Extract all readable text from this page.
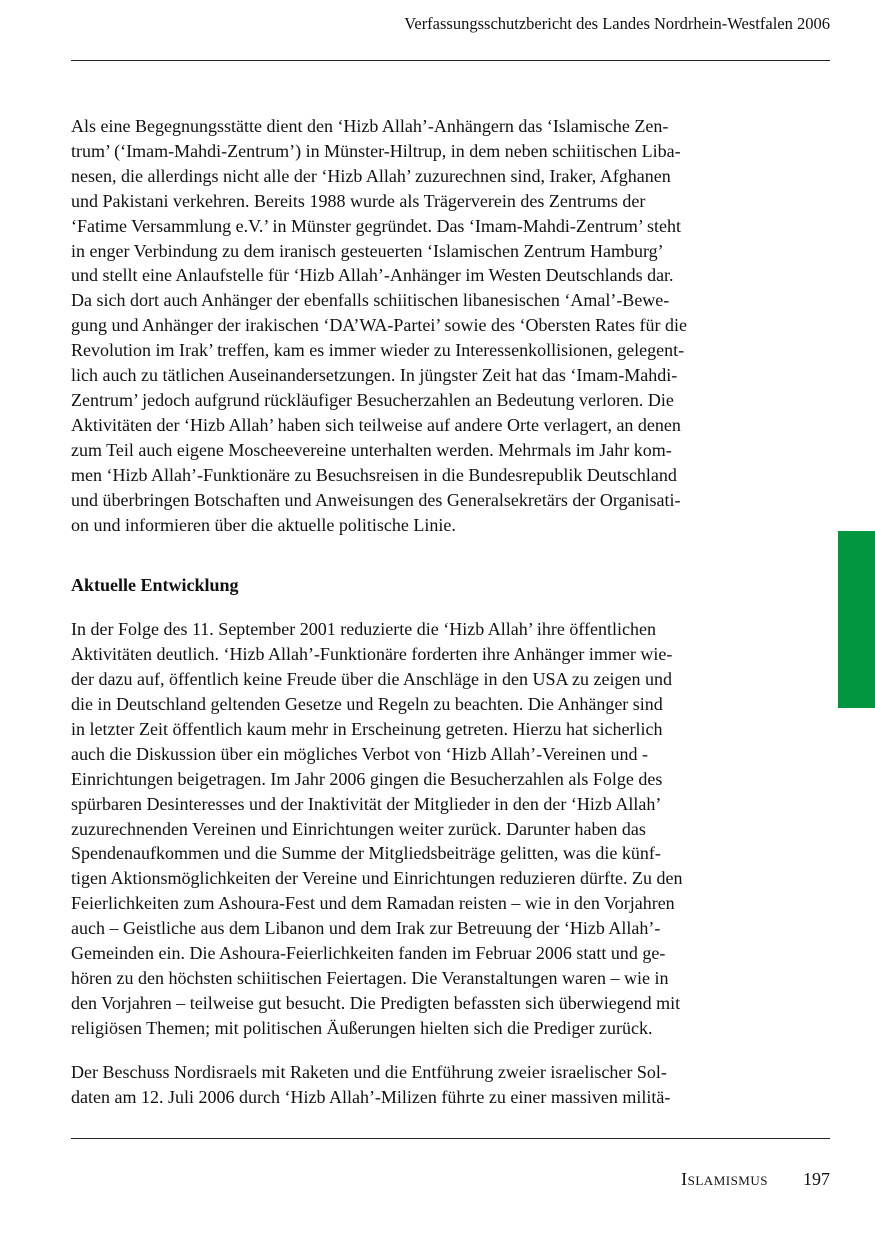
Verfassungsschutzbericht des Landes Nordrhein-Westfalen 2006

Als eine Begegnungsstätte dient den ‘Hizb Allah’-Anhängern das ‘Islamische Zen-
trum’ (‘Imam-Mahdi-Zentrum’) in Münster-Hiltrup, in dem neben schiitischen Liba-
nesen, die allerdings nicht alle der ‘Hizb Allah’ zuzurechnen sind, Iraker, Afghanen
und Pakistani verkehren. Bereits 1988 wurde als Trägerverein des Zentrums der
‘Fatime Versammlung e.V.’ in Münster gegründet. Das ‘Imam-Mahdi-Zentrum’ steht
in enger Verbindung zu dem iranisch gesteuerten ‘Islamischen Zentrum Hamburg’
und stellt eine Anlaufstelle für ‘Hizb Allah’-Anhänger im Westen Deutschlands dar.
Da sich dort auch Anhänger der ebenfalls schiitischen libanesischen ‘Amal’-Bewe-
gung und Anhänger der irakischen ‘DA’WA-Partei’ sowie des ‘Obersten Rates für die
Revolution im Irak’ treffen, kam es immer wieder zu Interessenkollisionen, gelegent-
lich auch zu tätlichen Auseinandersetzungen. In jüngster Zeit hat das ‘Imam-Mahdi-
Zentrum’ jedoch aufgrund rückläufiger Besucherzahlen an Bedeutung verloren. Die
Aktivitäten der ‘Hizb Allah’ haben sich teilweise auf andere Orte verlagert, an denen
zum Teil auch eigene Moscheevereine unterhalten werden. Mehrmals im Jahr kom-
men ‘Hizb Allah’-Funktionäre zu Besuchsreisen in die Bundesrepublik Deutschland
und überbringen Botschaften und Anweisungen des Generalsekretärs der Organisati-
on und informieren über die aktuelle politische Linie.

Aktuelle Entwicklung

In der Folge des 11. September 2001 reduzierte die ‘Hizb Allah’ ihre öffentlichen
Aktivitäten deutlich. ‘Hizb Allah’-Funktionäre forderten ihre Anhänger immer wie-
der dazu auf, öffentlich keine Freude über die Anschläge in den USA zu zeigen und
die in Deutschland geltenden Gesetze und Regeln zu beachten. Die Anhänger sind
in letzter Zeit öffentlich kaum mehr in Erscheinung getreten. Hierzu hat sicherlich
auch die Diskussion über ein mögliches Verbot von ‘Hizb Allah’-Vereinen und -
Einrichtungen beigetragen. Im Jahr 2006 gingen die Besucherzahlen als Folge des
spürbaren Desinteresses und der Inaktivität der Mitglieder in den der ‘Hizb Allah’
zuzurechnenden Vereinen und Einrichtungen weiter zurück. Darunter haben das
Spendenaufkommen und die Summe der Mitgliedsbeiträge gelitten, was die künf-
tigen Aktionsmöglichkeiten der Vereine und Einrichtungen reduzieren dürfte. Zu den
Feierlichkeiten zum Ashoura-Fest und dem Ramadan reisten – wie in den Vorjahren
auch – Geistliche aus dem Libanon und dem Irak zur Betreuung der ‘Hizb Allah’-
Gemeinden ein. Die Ashoura-Feierlichkeiten fanden im Februar 2006 statt und ge-
hören zu den höchsten schiitischen Feiertagen. Die Veranstaltungen waren – wie in
den Vorjahren – teilweise gut besucht. Die Predigten befassten sich überwiegend mit
religiösen Themen; mit politischen Äußerungen hielten sich die Prediger zurück.

Der Beschuss Nordisraels mit Raketen und die Entführung zweier israelischer Sol-
daten am 12. Juli 2006 durch ‘Hizb Allah’-Milizen führte zu einer massiven militä-

Islamismus 197
